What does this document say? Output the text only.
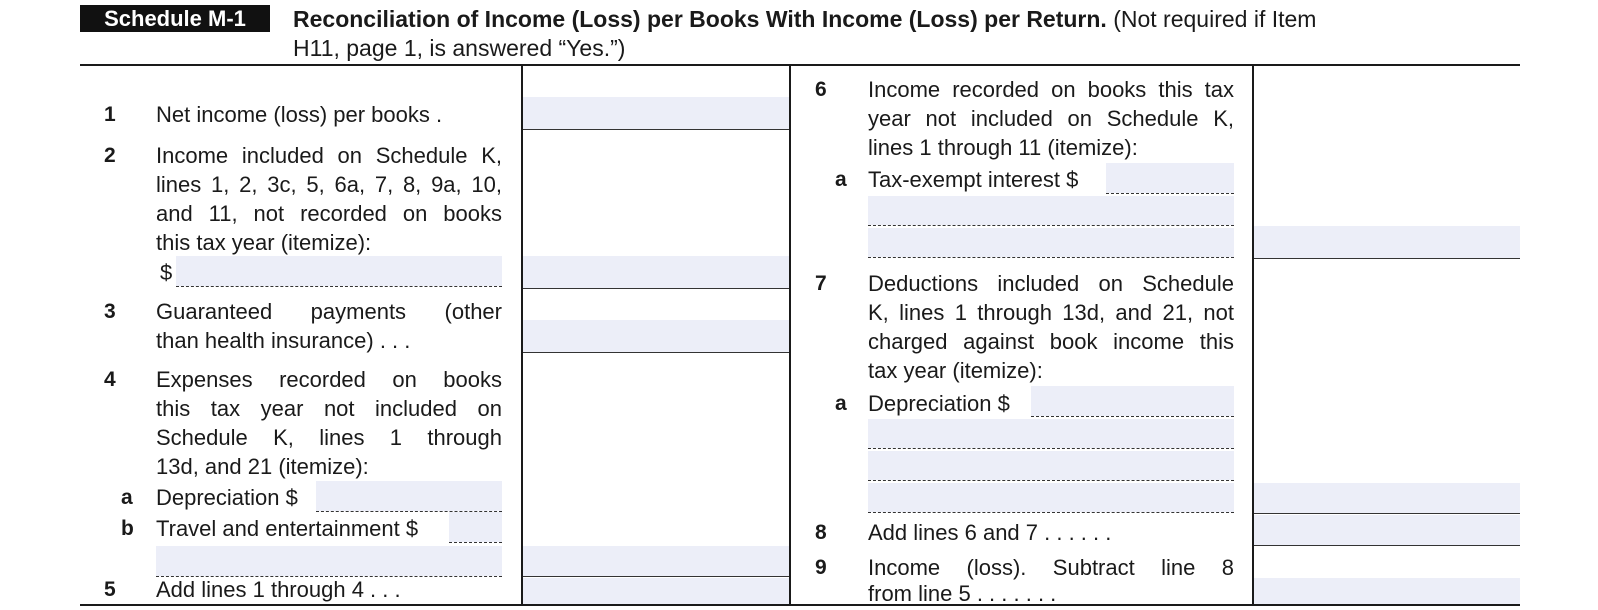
Schedule M-1	Reconciliation of Income (Loss) per Books With Income (Loss) per Return. (Not required if Item
H11, page 1, is answered “Yes.”)
1 Net income (loss) per books .
2 Income included on Schedule K,
lines 1, 2, 3c, 5, 6a, 7, 8, 9a, 10,
and 11, not recorded on books
this tax year (itemize):
$
3 Guaranteed payments (other
than health insurance) . . .
4 Expenses recorded on books
this tax year not included on
Schedule K, lines 1 through
13d, and 21 (itemize):
a Depreciation $
b Travel and entertainment $
5 Add lines 1 through 4 . . .
6 Income recorded on books this tax
year not included on Schedule K,
lines 1 through 11 (itemize):
a Tax-exempt interest $
7 Deductions included on Schedule
K, lines 1 through 13d, and 21, not
charged against book income this
tax year (itemize):
a Depreciation $
8 Add lines 6 and 7 . . . . . .
9 Income (loss). Subtract line 8
from line 5 . . . . . . .
